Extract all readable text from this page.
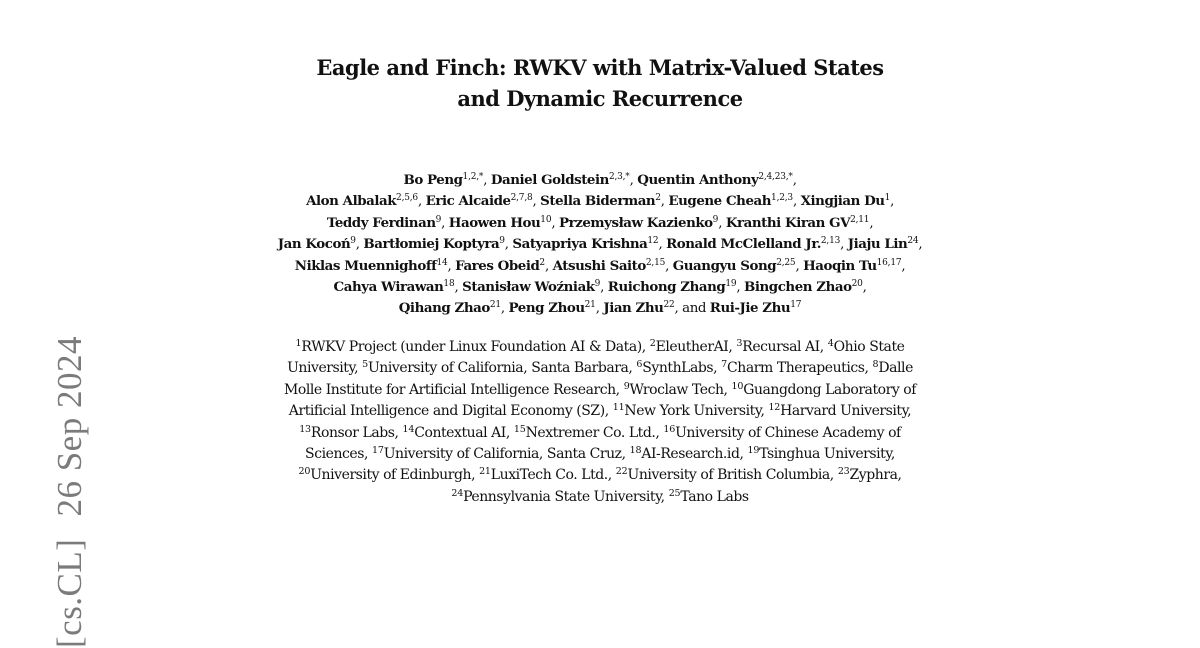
[cs.CL]26 Sep 2024
Eagle and Finch: RWKV with Matrix-Valued States
and Dynamic Recurrence
Bo Peng$^{1,2,*}$, Daniel Goldstein$^{2,3,*}$, Quentin Anthony$^{2,4,23,*}$,
Alon Albalak$^{2,5,6}$, Eric Alcaide$^{2,7,8}$, Stella Biderman$^2$, Eugene Cheah$^{1,2,3}$, Xingjian Du$^1$,
Teddy Ferdinan$^9$, Haowen Hou$^{10}$, Przemysław Kazienko$^9$, Kranthi Kiran GV$^{2,11}$,
Jan Kocoń$^9$, Bartłomiej Koptyra$^9$, Satyapriya Krishna$^{12}$, Ronald McClelland Jr.$^{2,13}$, Jiaju Lin$^{24}$,
Niklas Muennighoff$^{14}$, Fares Obeid$^2$, Atsushi Saito$^{2,15}$, Guangyu Song$^{2,25}$, Haoqin Tu$^{16,17}$,
Cahya Wirawan$^{18}$, Stanisław Woźniak$^9$, Ruichong Zhang$^{19}$, Bingchen Zhao$^{20}$,
Qihang Zhao$^{21}$, Peng Zhou$^{21}$, Jian Zhu$^{22}$, and Rui-Jie Zhu$^{17}$
$^1$RWKV Project (under Linux Foundation AI & Data), $^2$EleutherAI, $^3$Recursal AI, $^4$Ohio State
University, $^5$University of California, Santa Barbara, $^6$SynthLabs, $^7$Charm Therapeutics, $^8$Dalle
Molle Institute for Artificial Intelligence Research, $^9$Wroclaw Tech, $^{10}$Guangdong Laboratory of
Artificial Intelligence and Digital Economy (SZ), $^{11}$New York University, $^{12}$Harvard University,
$^{13}$Ronsor Labs, $^{14}$Contextual AI, $^{15}$Nextremer Co. Ltd., $^{16}$University of Chinese Academy of
Sciences, $^{17}$University of California, Santa Cruz, $^{18}$AI-Research.id, $^{19}$Tsinghua University,
$^{20}$University of Edinburgh, $^{21}$LuxiTech Co. Ltd., $^{22}$University of British Columbia, $^{23}$Zyphra,
$^{24}$Pennsylvania State University, $^{25}$Tano Labs
